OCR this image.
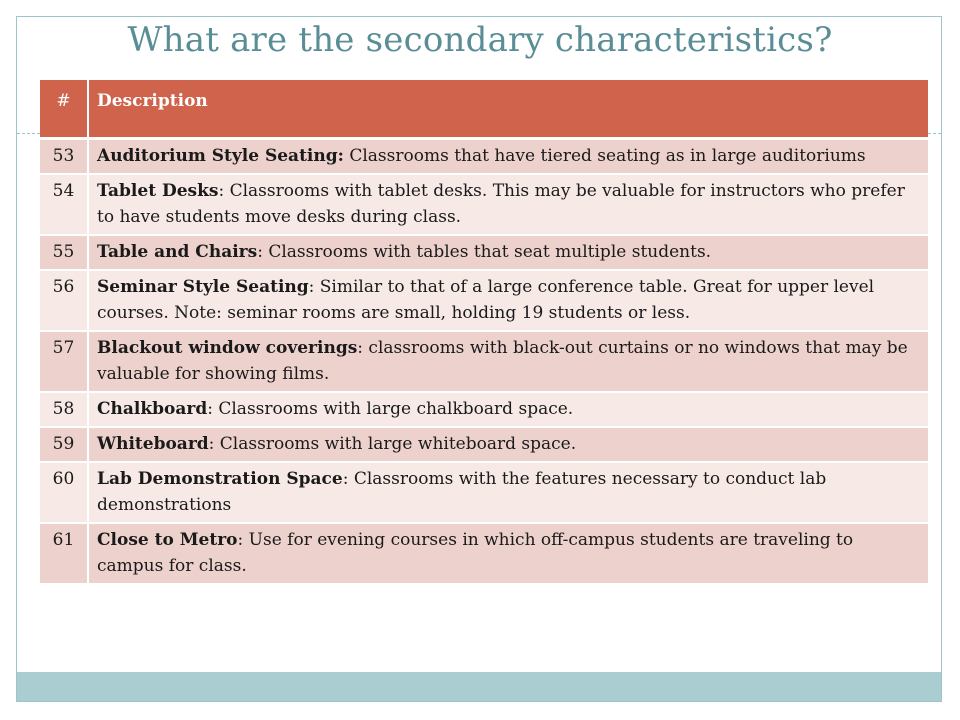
What are the secondary characteristics?
#	Description
53	Auditorium Style Seating: Classrooms that have tiered seating as in large auditoriums
54	Tablet Desks: Classrooms with tablet desks. This may be valuable for instructors who prefer to have students move desks during class.
55	Table and Chairs: Classrooms with tables that seat multiple students.
56	Seminar Style Seating: Similar to that of a large conference table. Great for upper level courses. Note: seminar rooms are small, holding 19 students or less.
57	Blackout window coverings: classrooms with black-out curtains or no windows that may be valuable for showing films.
58	Chalkboard: Classrooms with large chalkboard space.
59	Whiteboard: Classrooms with large whiteboard space.
60	Lab Demonstration Space: Classrooms with the features necessary to conduct lab demonstrations
61	Close to Metro: Use for evening courses in which off-campus students are traveling to campus for class.
